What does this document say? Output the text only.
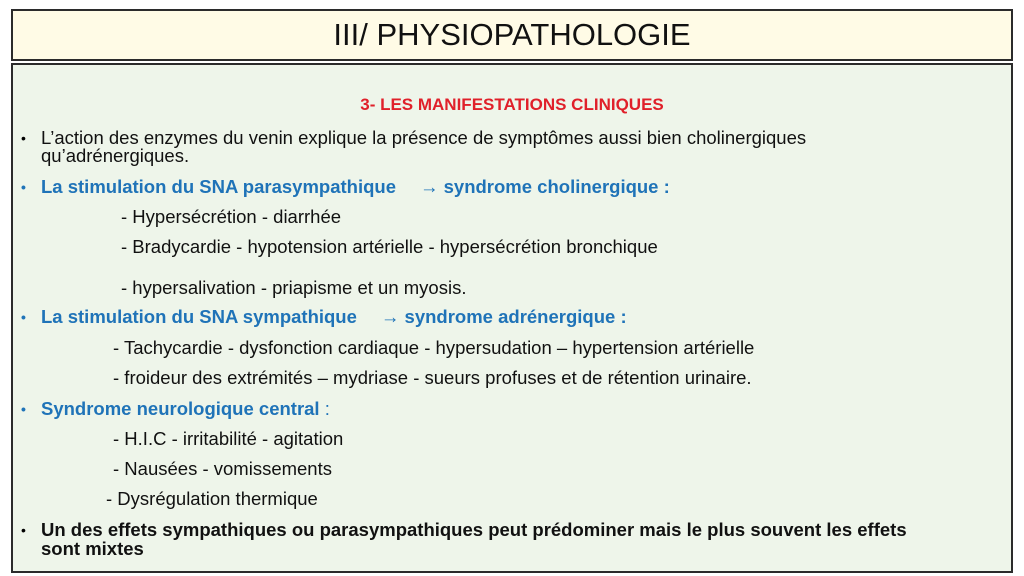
III/ PHYSIOPATHOLOGIE
3- LES MANIFESTATIONS CLINIQUES
• L’action des enzymes du venin explique la présence de symptômes aussi bien cholinergiques
qu’adrénergiques.
• La stimulation du SNA parasympathique → syndrome cholinergique :
- Hypersécrétion - diarrhée
- Bradycardie - hypotension artérielle - hypersécrétion bronchique
- hypersalivation - priapisme et un myosis.
• La stimulation du SNA sympathique → syndrome adrénergique :
- Tachycardie - dysfonction cardiaque - hypersudation – hypertension artérielle
- froideur des extrémités – mydriase - sueurs profuses et de rétention urinaire.
• Syndrome neurologique central :
- H.I.C - irritabilité - agitation
- Nausées - vomissements
- Dysrégulation thermique
• Un des effets sympathiques ou parasympathiques peut prédominer mais le plus souvent les effets
sont mixtes
